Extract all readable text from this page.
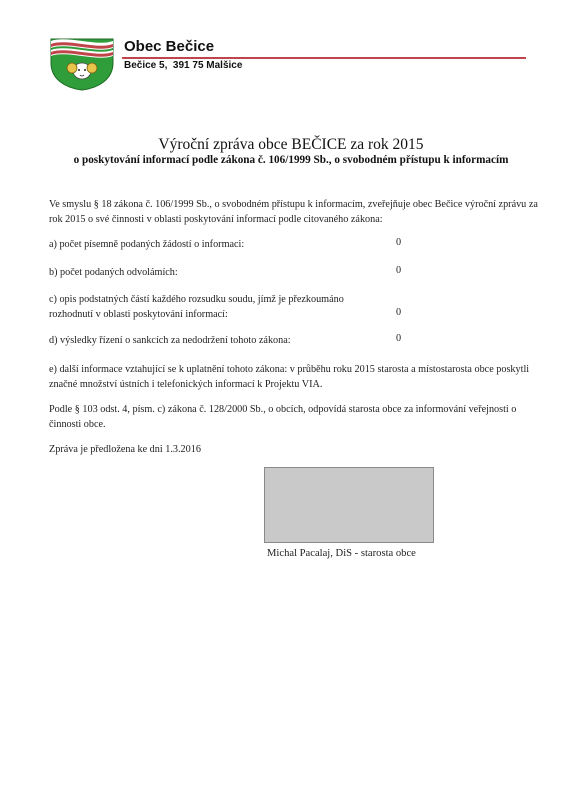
Obec Bečice
Bečice 5,  391 75 Malšice
Výroční zpráva obce BEČICE za rok 2015
o poskytování informací podle zákona č. 106/1999 Sb., o svobodném přístupu k informacím
Ve smyslu § 18 zákona č. 106/1999 Sb., o svobodném přístupu k informacím, zveřejňuje obec Bečice výroční zprávu za rok 2015 o své činnosti v oblasti poskytování informací podle citovaného zákona:
a) počet písemně podaných žádostí o informaci:	0
b) počet podaných odvolámích:	0
c) opis podstatných částí každého rozsudku soudu, jímž je přezkoumáno rozhodnutí v oblasti poskytování informací:	0
d) výsledky řízení o sankcích za nedodržení tohoto zákona:	0
e) další informace vztahující se k uplatnění tohoto zákona: v průběhu roku 2015 starosta a místostarosta obce poskytli značné množství ústních i telefonických informací k Projektu VIA.
Podle § 103 odst. 4, písm. c) zákona č. 128/2000 Sb., o obcích, odpovídá starosta obce za informování veřejnosti o činnosti obce.
Zpráva je předložena ke dni 1.3.2016
Michal Pacalaj, DiS - starosta obce
